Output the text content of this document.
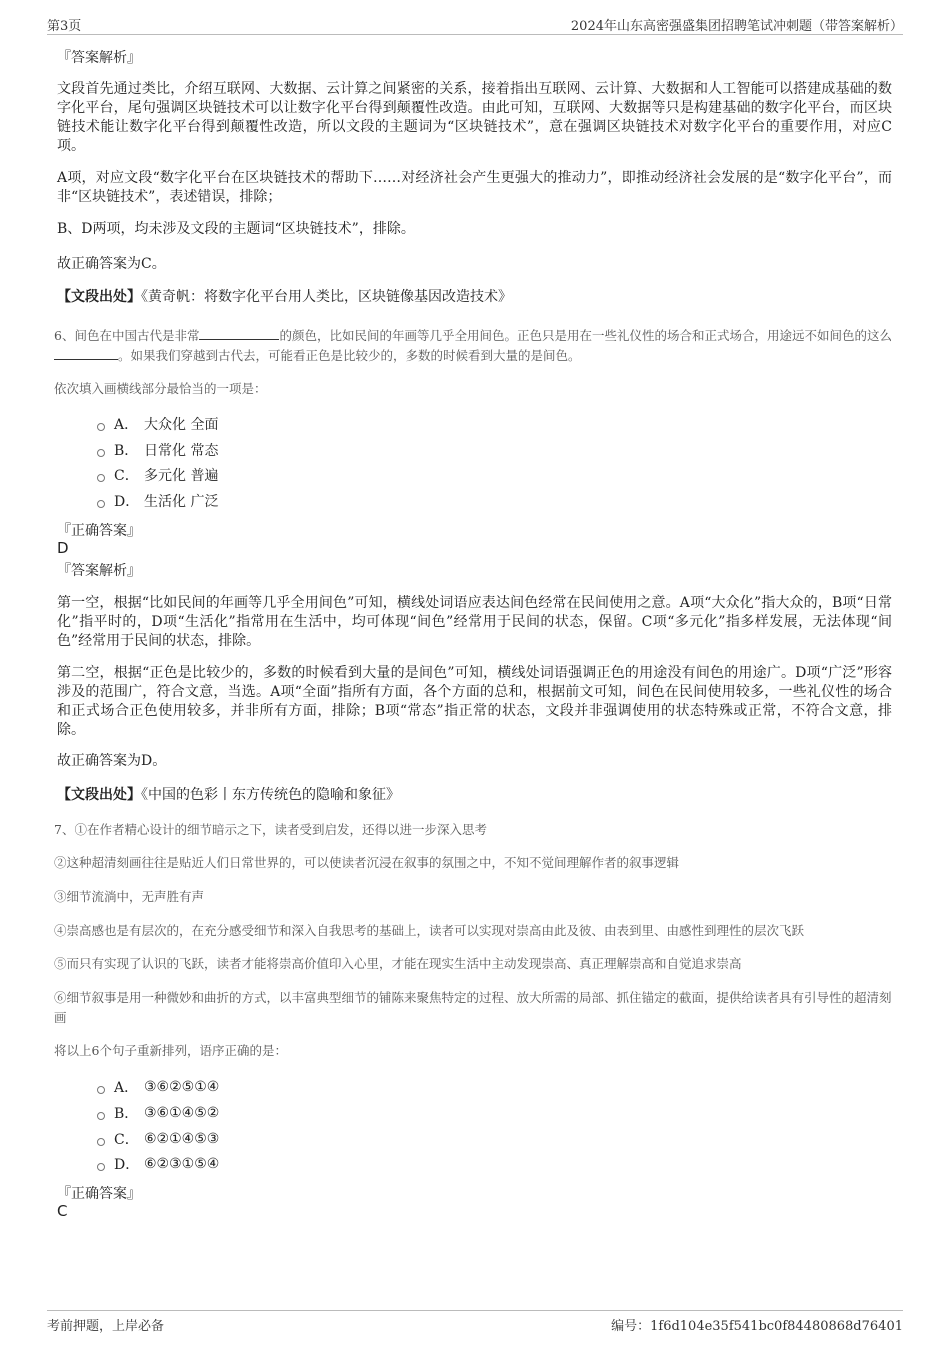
第3页	2024年山东高密强盛集团招聘笔试冲刺题（带答案解析）
『答案解析』
文段首先通过类比，介绍互联网、大数据、云计算之间紧密的关系，接着指出互联网、云计算、大数据和人工智能可以搭建成基础的数字化平台，尾句强调区块链技术可以让数字化平台得到颠覆性改造。由此可知，互联网、大数据等只是构建基础的数字化平台，而区块链技术能让数字化平台得到颠覆性改造，所以文段的主题词为“区块链技术”，意在强调区块链技术对数字化平台的重要作用，对应C项。
A项，对应文段“数字化平台在区块链技术的帮助下……对经济社会产生更强大的推动力”，即推动经济社会发展的是“数字化平台”，而非“区块链技术”，表述错误，排除；
B、D两项，均未涉及文段的主题词“区块链技术”，排除。
故正确答案为C。
【文段出处】《黄奇帆：将数字化平台用人类比，区块链像基因改造技术》
6、间色在中国古代是非常	的颜色，比如民间的年画等几乎全用间色。正色只是用在一些礼仪性的场合和正式场合，用途远不如间色的这么。如果我们穿越到古代去，可能看正色是比较少的，多数的时候看到大量的是间色。
依次填入画横线部分最恰当的一项是：
A． 大众化 全面
B． 日常化 常态
C． 多元化 普遍
D． 生活化 广泛
『正确答案』
D
『答案解析』
第一空，根据“比如民间的年画等几乎全用间色”可知，横线处词语应表达间色经常在民间使用之意。A项“大众化”指大众的，B项“日常化”指平时的，D项“生活化”指常用在生活中，均可体现“间色”经常用于民间的状态，保留。C项“多元化”指多样发展，无法体现“间色”经常用于民间的状态，排除。
第二空，根据“正色是比较少的，多数的时候看到大量的是间色”可知，横线处词语强调正色的用途没有间色的用途广。D项“广泛”形容涉及的范围广，符合文意，当选。A项“全面”指所有方面，各个方面的总和，根据前文可知，间色在民间使用较多，一些礼仪性的场合和正式场合正色使用较多，并非所有方面，排除；B项“常态”指正常的状态，文段并非强调使用的状态特殊或正常，不符合文意，排除。
故正确答案为D。
【文段出处】《中国的色彩丨东方传统色的隐喻和象征》
7、①在作者精心设计的细节暗示之下，读者受到启发，还得以进一步深入思考
②这种超清刻画往往是贴近人们日常世界的，可以使读者沉浸在叙事的氛围之中，不知不觉间理解作者的叙事逻辑
③细节流淌中，无声胜有声
④崇高感也是有层次的，在充分感受细节和深入自我思考的基础上，读者可以实现对崇高由此及彼、由表到里、由感性到理性的层次飞跃
⑤而只有实现了认识的飞跃，读者才能将崇高价值印入心里，才能在现实生活中主动发现崇高、真正理解崇高和自觉追求崇高
⑥细节叙事是用一种微妙和曲折的方式，以丰富典型细节的铺陈来聚焦特定的过程、放大所需的局部、抓住锚定的截面，提供给读者具有引导性的超清刻画
将以上6个句子重新排列，语序正确的是：
A． ③⑥②⑤①④
B． ③⑥①④⑤②
C． ⑥②①④⑤③
D． ⑥②③①⑤④
『正确答案』
C
考前押题，上岸必备	编号：1f6d104e35f541bc0f84480868d76401
